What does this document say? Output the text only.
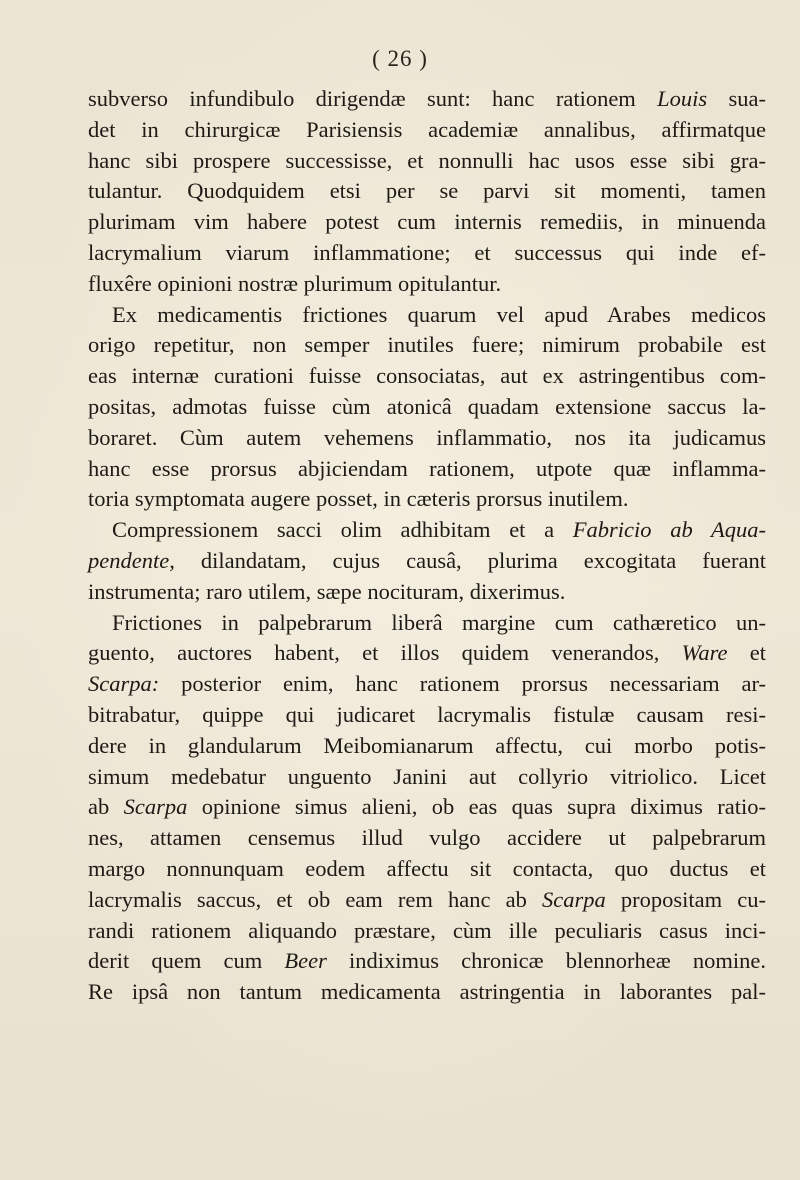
( 26 )
subverso infundibulo dirigendæ sunt: hanc rationem Louis sua-
det in chirurgicæ Parisiensis academiæ annalibus, affirmatque
hanc sibi prospere successisse, et nonnulli hac usos esse sibi gra-
tulantur. Quodquidem etsi per se parvi sit momenti, tamen
plurimam vim habere potest cum internis remediis, in minuenda
lacrymalium viarum inflammatione; et successus qui inde ef-
fluxêre opinioni nostræ plurimum opitulantur.
Ex medicamentis frictiones quarum vel apud Arabes medicos
origo repetitur, non semper inutiles fuere; nimirum probabile est
eas internæ curationi fuisse consociatas, aut ex astringentibus com-
positas, admotas fuisse cùm atonicâ quadam extensione saccus la-
boraret. Cùm autem vehemens inflammatio, nos ita judicamus
hanc esse prorsus abjiciendam rationem, utpote quæ inflamma-
toria symptomata augere posset, in cæteris prorsus inutilem.
Compressionem sacci olim adhibitam et a Fabricio ab Aqua-
pendente, dilandatam, cujus causâ, plurima excogitata fuerant
instrumenta; raro utilem, sæpe nocituram, dixerimus.
Frictiones in palpebrarum liberâ margine cum cathæretico un-
guento, auctores habent, et illos quidem venerandos, Ware et
Scarpa: posterior enim, hanc rationem prorsus necessariam ar-
bitrabatur, quippe qui judicaret lacrymalis fistulæ causam resi-
dere in glandularum Meibomianarum affectu, cui morbo potis-
simum medebatur unguento Janini aut collyrio vitriolico. Licet
ab Scarpa opinione simus alieni, ob eas quas supra diximus ratio-
nes, attamen censemus illud vulgo accidere ut palpebrarum
margo nonnunquam eodem affectu sit contacta, quo ductus et
lacrymalis saccus, et ob eam rem hanc ab Scarpa propositam cu-
randi rationem aliquando præstare, cùm ille peculiaris casus inci-
derit quem cum Beer indiximus chronicæ blennorheæ nomine.
Re ipsâ non tantum medicamenta astringentia in laborantes pal-
